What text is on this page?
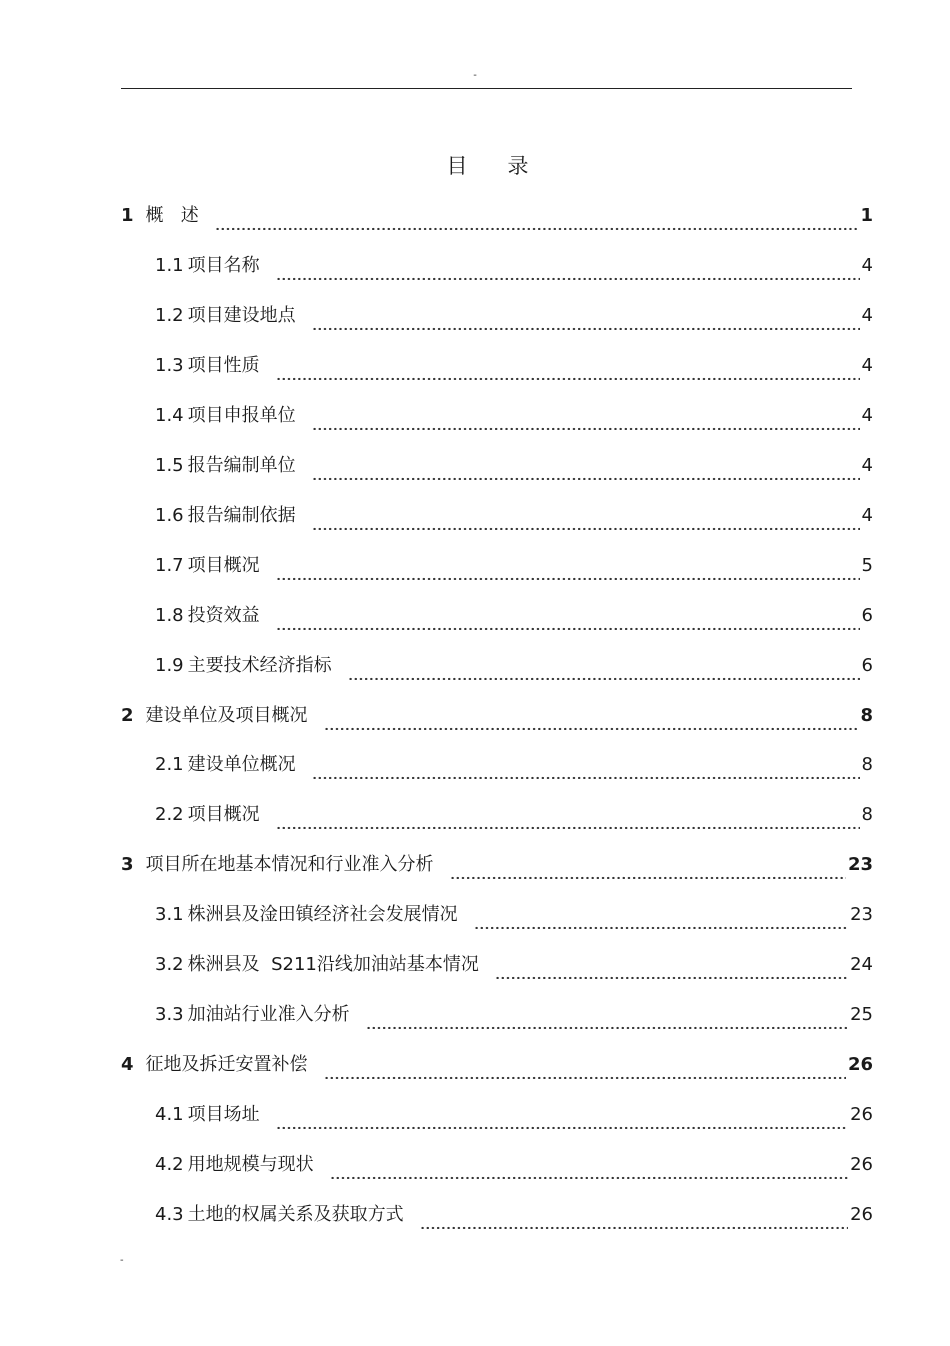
-
目 录
1 概   述	1
1.1 项目名称	4
1.2 项目建设地点	4
1.3 项目性质	4
1.4 项目申报单位	4
1.5 报告编制单位	4
1.6 报告编制依据	4
1.7 项目概况	5
1.8 投资效益	6
1.9 主要技术经济指标	6
2 建设单位及项目概况	8
2.1 建设单位概况	8
2.2 项目概况	8
3 项目所在地基本情况和行业准入分析	23
3.1 株洲县及淦田镇经济社会发展情况	23
3.2 株洲县及  S211沿线加油站基本情况	24
3.3 加油站行业准入分析	25
4 征地及拆迁安置补偿	26
4.1 项目场址	26
4.2 用地规模与现状	26
4.3 土地的权属关系及获取方式	26
-
